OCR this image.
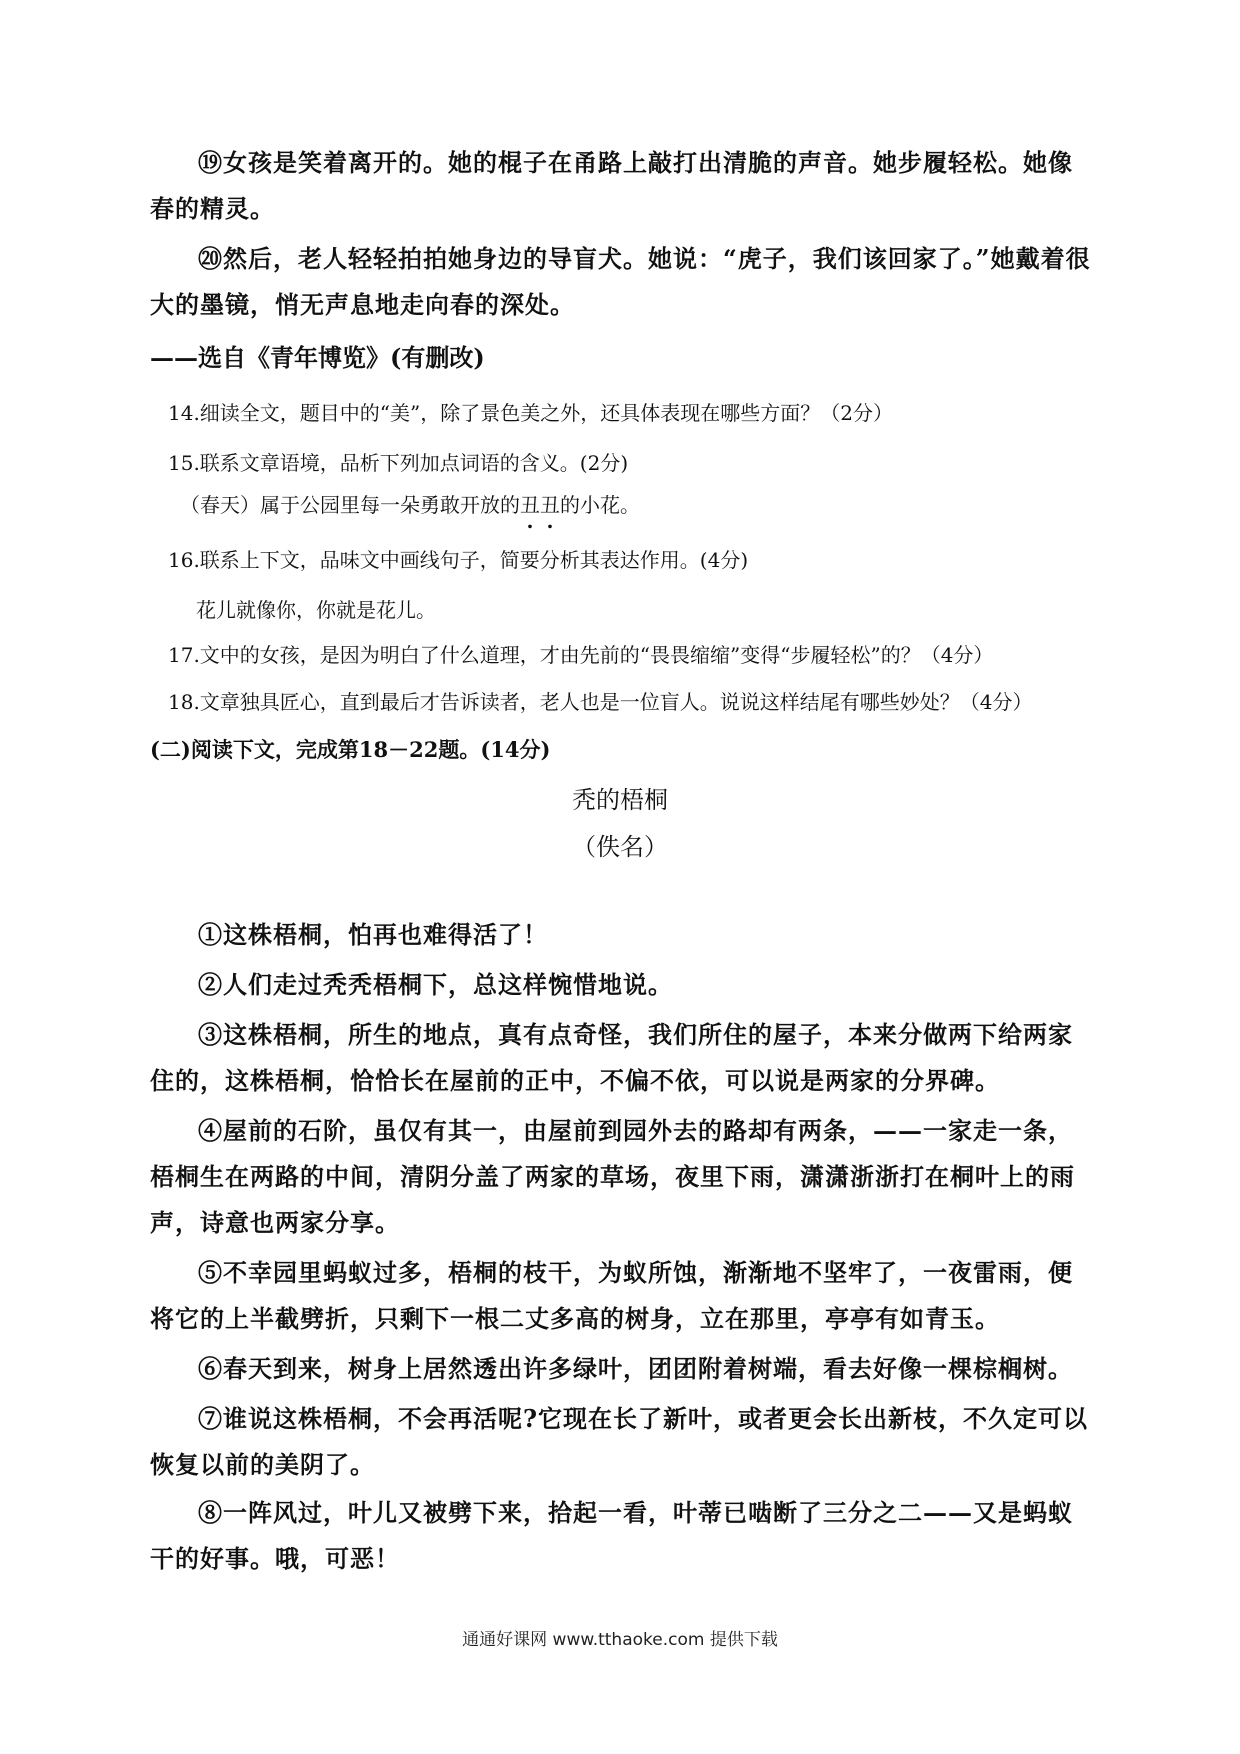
⑲女孩是笑着离开的。她的棍子在甬路上敲打出清脆的声音。她步履轻松。她像春的精灵。
⑳然后，老人轻轻拍拍她身边的导盲犬。她说：“虎子，我们该回家了。”她戴着很大的墨镜，悄无声息地走向春的深处。
——选自《青年博览》(有删改)
14.细读全文，题目中的“美”，除了景色美之外，还具体表现在哪些方面？（2分）
15.联系文章语境，品析下列加点词语的含义。(2分)
（春天）属于公园里每一朵勇敢开放的丑丑的小花。
16.联系上下文，品味文中画线句子，简要分析其表达作用。(4分)
花儿就像你，你就是花儿。
17.文中的女孩，是因为明白了什么道理，才由先前的“畏畏缩缩”变得“步履轻松”的？（4分）
18.文章独具匠心，直到最后才告诉读者，老人也是一位盲人。说说这样结尾有哪些妙处？（4分）
(二)阅读下文，完成第18－22题。(14分)
秃的梧桐
（佚名）
①这株梧桐，怕再也难得活了！
②人们走过秃秃梧桐下，总这样惋惜地说。
③这株梧桐，所生的地点，真有点奇怪，我们所住的屋子，本来分做两下给两家住的，这株梧桐，恰恰长在屋前的正中，不偏不依，可以说是两家的分界碑。
④屋前的石阶，虽仅有其一，由屋前到园外去的路却有两条，——一家走一条，梧桐生在两路的中间，清阴分盖了两家的草场，夜里下雨，潇潇浙浙打在桐叶上的雨声，诗意也两家分享。
⑤不幸园里蚂蚁过多，梧桐的枝干，为蚁所蚀，渐渐地不坚牢了，一夜雷雨，便将它的上半截劈折，只剩下一根二丈多高的树身，立在那里，亭亭有如青玉。
⑥春天到来，树身上居然透出许多绿叶，团团附着树端，看去好像一棵棕榈树。
⑦谁说这株梧桐，不会再活呢?它现在长了新叶，或者更会长出新枝，不久定可以恢复以前的美阴了。
⑧一阵风过，叶儿又被劈下来，拾起一看，叶蒂已啮断了三分之二——又是蚂蚁干的好事。哦，可恶！
通通好课网 www.tthaoke.com 提供下载
